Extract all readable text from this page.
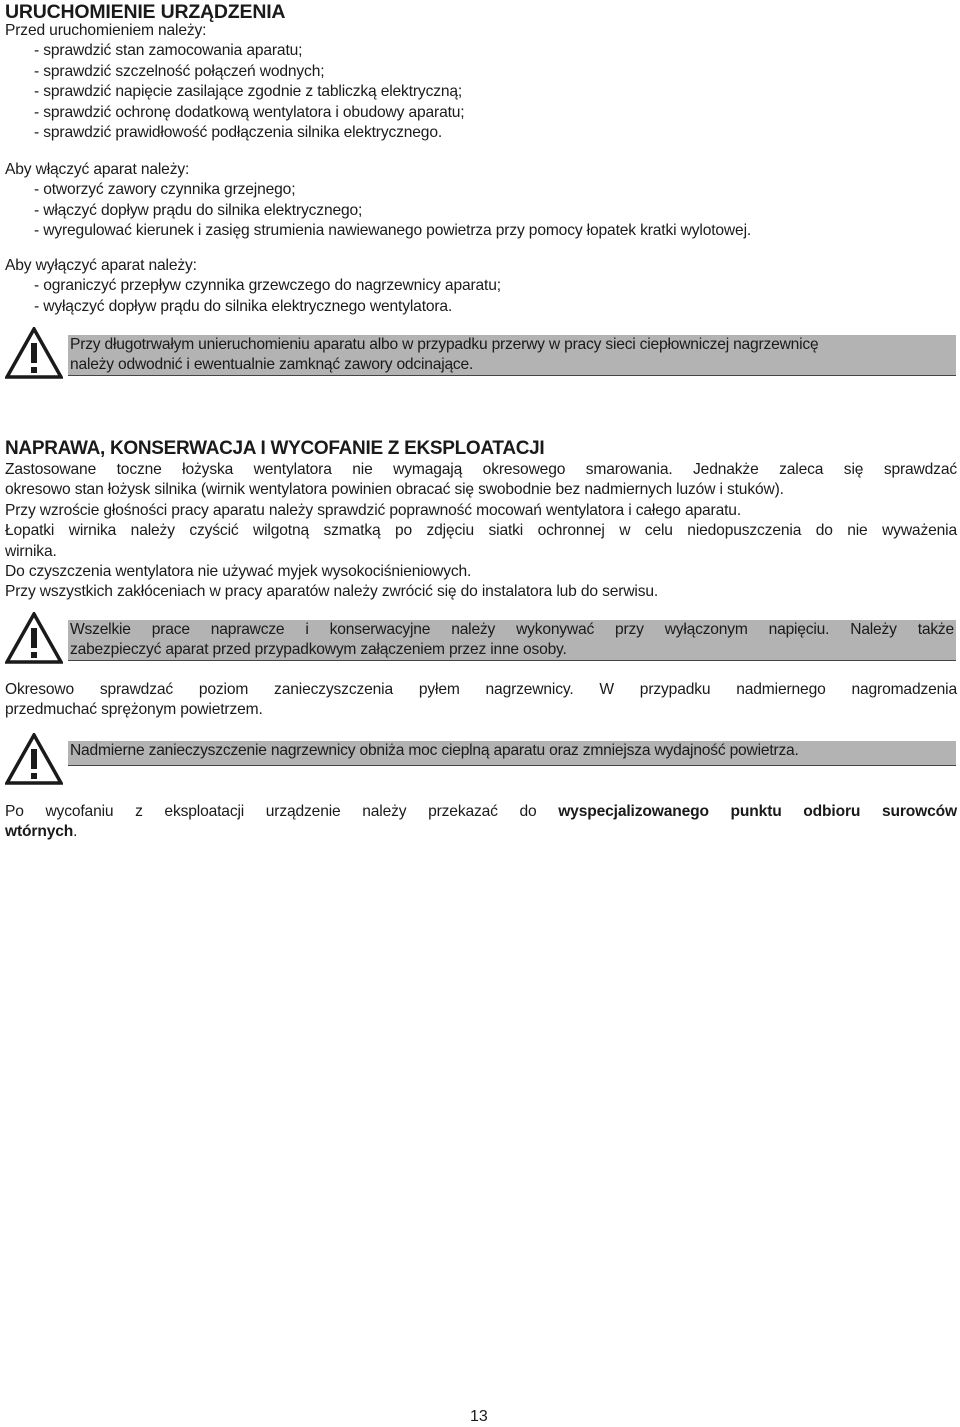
URUCHOMIENIE URZĄDZENIA
Przed uruchomieniem należy:
- sprawdzić stan zamocowania aparatu;
- sprawdzić szczelność połączeń wodnych;
- sprawdzić napięcie zasilające zgodnie z tabliczką elektryczną;
- sprawdzić ochronę dodatkową wentylatora i obudowy aparatu;
- sprawdzić prawidłowość podłączenia silnika elektrycznego.
Aby włączyć aparat należy:
- otworzyć zawory czynnika grzejnego;
- włączyć dopływ prądu do silnika elektrycznego;
- wyregulować kierunek i zasięg strumienia nawiewanego powietrza przy pomocy łopatek kratki wylotowej.
Aby wyłączyć aparat należy:
- ograniczyć przepływ czynnika grzewczego do nagrzewnicy aparatu;
- wyłączyć dopływ prądu do silnika elektrycznego wentylatora.
Przy długotrwałym unieruchomieniu aparatu albo w przypadku przerwy w pracy sieci ciepłowniczej nagrzewnicę
należy odwodnić i ewentualnie zamknąć zawory odcinające.
NAPRAWA, KONSERWACJA I WYCOFANIE Z EKSPLOATACJI
Zastosowane toczne łożyska wentylatora nie wymagają okresowego smarowania. Jednakże zaleca się sprawdzać
okresowo stan łożysk silnika (wirnik wentylatora powinien obracać się swobodnie bez nadmiernych luzów i stuków).
Przy wzroście głośności pracy aparatu należy sprawdzić poprawność mocowań wentylatora i całego aparatu.
Łopatki wirnika należy czyścić wilgotną szmatką po zdjęciu siatki ochronnej w celu niedopuszczenia do nie wyważenia
wirnika.
Do czyszczenia wentylatora nie używać myjek wysokociśnieniowych.
Przy wszystkich zakłóceniach w pracy aparatów należy zwrócić się do instalatora lub do serwisu.
Wszelkie prace naprawcze i konserwacyjne należy wykonywać przy wyłączonym napięciu. Należy także
zabezpieczyć aparat przed przypadkowym załączeniem przez inne osoby.
Okresowo sprawdzać poziom zanieczyszczenia pyłem nagrzewnicy. W przypadku nadmiernego nagromadzenia
przedmuchać sprężonym powietrzem.
Nadmierne zanieczyszczenie nagrzewnicy obniża moc cieplną aparatu oraz zmniejsza wydajność powietrza.
Po wycofaniu z eksploatacji urządzenie należy przekazać do wyspecjalizowanego punktu odbioru surowców
wtórnych.
13
